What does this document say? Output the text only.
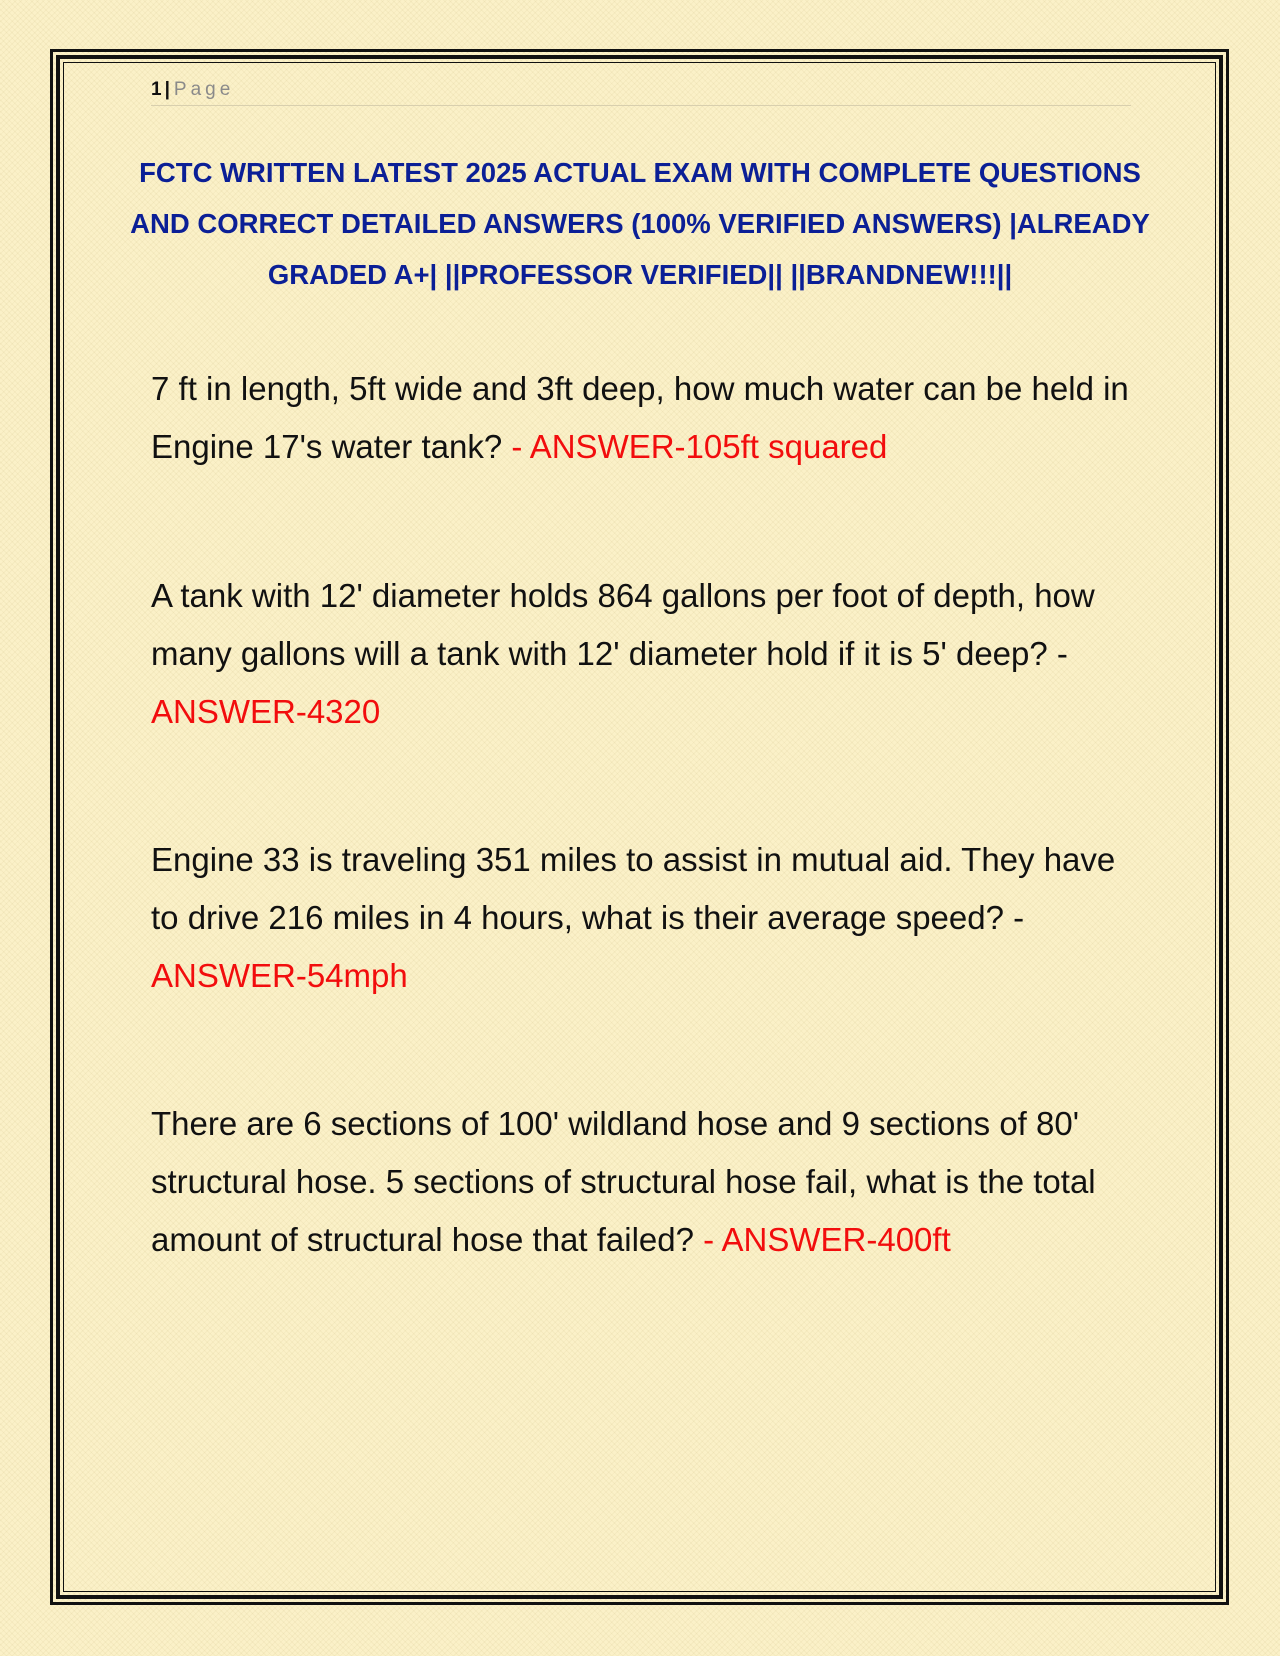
1 | Page
FCTC WRITTEN LATEST 2025 ACTUAL EXAM WITH COMPLETE QUESTIONS AND CORRECT DETAILED ANSWERS (100% VERIFIED ANSWERS) |ALREADY GRADED A+| ||PROFESSOR VERIFIED|| ||BRANDNEW!!!||

7 ft in length, 5ft wide and 3ft deep, how much water can be held in Engine 17's water tank? - ANSWER-105ft squared

A tank with 12' diameter holds 864 gallons per foot of depth, how many gallons will a tank with 12' diameter hold if it is 5' deep? - ANSWER-4320

Engine 33 is traveling 351 miles to assist in mutual aid. They have to drive 216 miles in 4 hours, what is their average speed? - ANSWER-54mph

There are 6 sections of 100' wildland hose and 9 sections of 80' structural hose. 5 sections of structural hose fail, what is the total amount of structural hose that failed? - ANSWER-400ft
